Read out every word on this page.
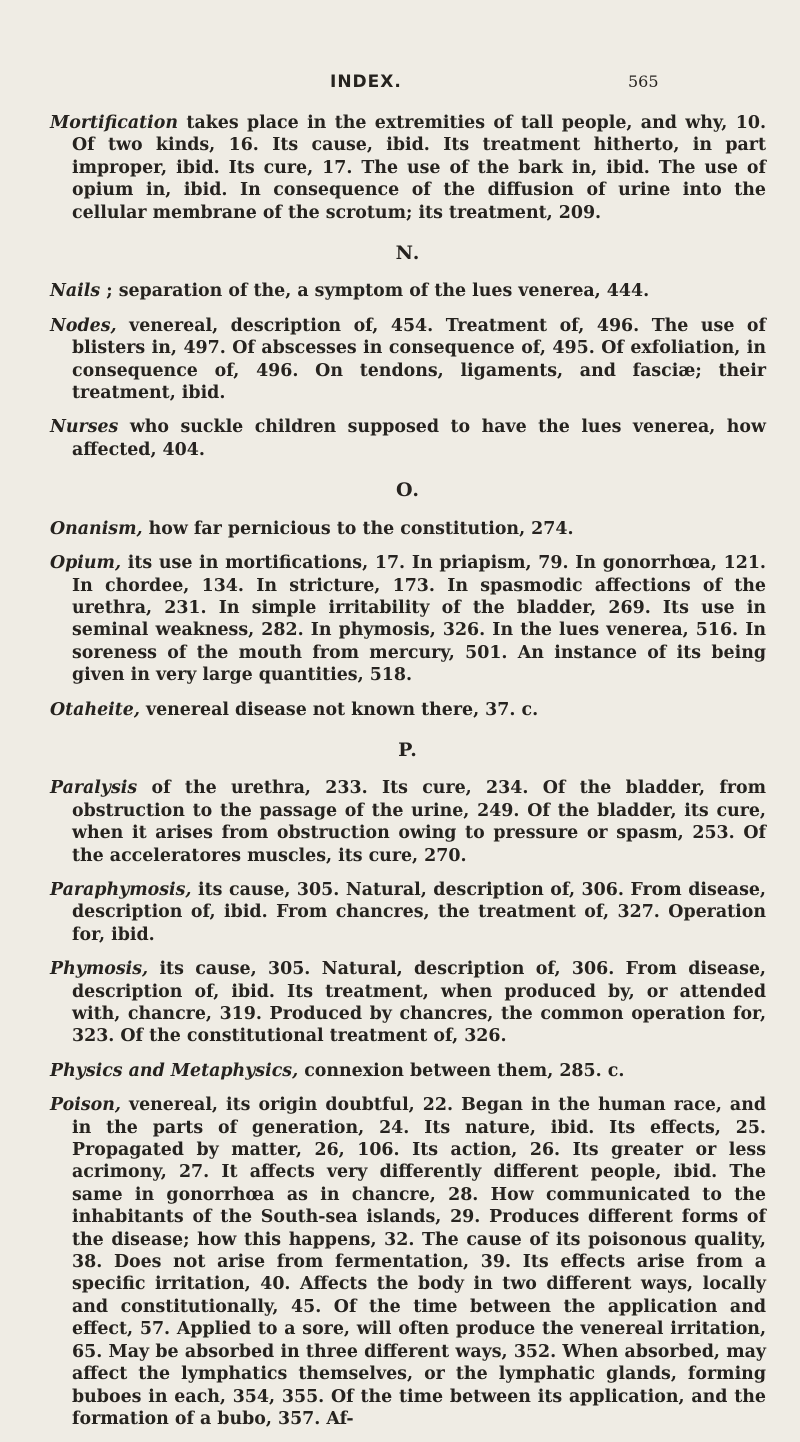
INDEX.	565

Mortification takes place in the extremities of tall people, and why, 10. Of two kinds, 16. Its cause, ibid. Its treatment hitherto, in part improper, ibid. Its cure, 17. The use of the bark in, ibid. The use of opium in, ibid. In consequence of the diffusion of urine into the cellular membrane of the scrotum; its treatment, 209.

N.

Nails ; separation of the, a symptom of the lues venerea, 444.

Nodes, venereal, description of, 454. Treatment of, 496. The use of blisters in, 497. Of abscesses in consequence of, 495. Of exfoliation, in consequence of, 496. On tendons, ligaments, and fasciæ; their treatment, ibid.

Nurses who suckle children supposed to have the lues venerea, how affected, 404.

O.

Onanism, how far pernicious to the constitution, 274.

Opium, its use in mortifications, 17. In priapism, 79. In gonorrhœa, 121. In chordee, 134. In stricture, 173. In spasmodic affections of the urethra, 231. In simple irritability of the bladder, 269. Its use in seminal weakness, 282. In phymosis, 326. In the lues venerea, 516. In soreness of the mouth from mercury, 501. An instance of its being given in very large quantities, 518.

Otaheite, venereal disease not known there, 37. c.

P.

Paralysis of the urethra, 233. Its cure, 234. Of the bladder, from obstruction to the passage of the urine, 249. Of the bladder, its cure, when it arises from obstruction owing to pressure or spasm, 253. Of the acceleratores muscles, its cure, 270.

Paraphymosis, its cause, 305. Natural, description of, 306. From disease, description of, ibid. From chancres, the treatment of, 327. Operation for, ibid.

Phymosis, its cause, 305. Natural, description of, 306. From disease, description of, ibid. Its treatment, when produced by, or attended with, chancre, 319. Produced by chancres, the common operation for, 323. Of the constitutional treatment of, 326.

Physics and Metaphysics, connexion between them, 285. c.

Poison, venereal, its origin doubtful, 22. Began in the human race, and in the parts of generation, 24. Its nature, ibid. Its effects, 25. Propagated by matter, 26, 106. Its action, 26. Its greater or less acrimony, 27. It affects very differently different people, ibid. The same in gonorrhœa as in chancre, 28. How communicated to the inhabitants of the South-sea islands, 29. Produces different forms of the disease; how this happens, 32. The cause of its poisonous quality, 38. Does not arise from fermentation, 39. Its effects arise from a specific irritation, 40. Affects the body in two different ways, locally and constitutionally, 45. Of the time between the application and effect, 57. Applied to a sore, will often produce the venereal irritation, 65. May be absorbed in three different ways, 352. When absorbed, may affect the lymphatics themselves, or the lymphatic glands, forming buboes in each, 354, 355. Of the time between its application, and the formation of a bubo, 357. Af-
